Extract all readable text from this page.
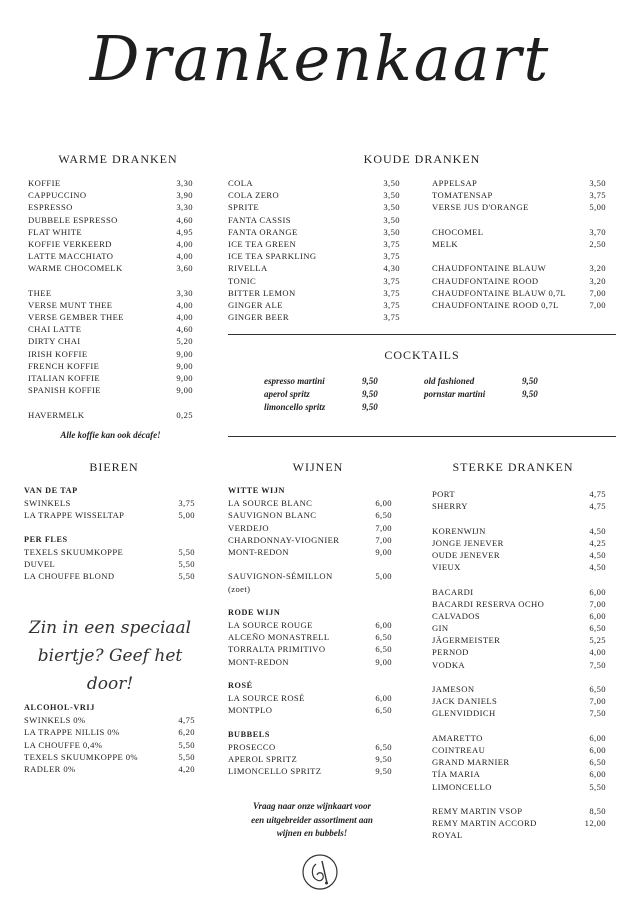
Drankenkaart
WARME DRANKEN
KOFFIE	3,30
CAPPUCCINO	3,90
ESPRESSO	3,30
DUBBELE ESPRESSO	4,60
FLAT WHITE	4,95
KOFFIE VERKEERD	4,00
LATTE MACCHIATO	4,00
WARME CHOCOMELK	3,60
THEE	3,30
VERSE MUNT THEE	4,00
VERSE GEMBER THEE	4,00
CHAI LATTE	4,60
DIRTY CHAI	5,20
IRISH KOFFIE	9,00
FRENCH KOFFIE	9,00
ITALIAN KOFFIE	9,00
SPANISH KOFFIE	9,00
HAVERMELK	0,25
Alle koffie kan ook décafe!
KOUDE DRANKEN
COLA	3,50
COLA ZERO	3,50
SPRITE	3,50
FANTA CASSIS	3,50
FANTA ORANGE	3,50
ICE TEA GREEN	3,75
ICE TEA SPARKLING	3,75
RIVELLA	4,30
TONIC	3,75
BITTER LEMON	3,75
GINGER ALE	3,75
GINGER BEER	3,75
APPELSAP	3,50
TOMATENSAP	3,75
VERSE JUS D'ORANGE	5,00
CHOCOMEL	3,70
MELK	2,50
CHAUDFONTAINE BLAUW	3,20
CHAUDFONTAINE ROOD	3,20
CHAUDFONTAINE BLAUW 0,7L	7,00
CHAUDFONTAINE ROOD 0,7L	7,00
COCKTAILS
espresso martini	9,50
aperol spritz	9,50
limoncello spritz	9,50
old fashioned	9,50
pornstar martini	9,50
BIEREN
VAN DE TAP
SWINKELS	3,75
LA TRAPPE WISSELTAP	5,00
PER FLES
TEXELS SKUUMKOPPE	5,50
DUVEL	5,50
LA CHOUFFE BLOND	5,50
Zin in een speciaal
biertje? Geef het door!
ALCOHOL-VRIJ
SWINKELS 0%	4,75
LA TRAPPE NILLIS 0%	6,20
LA CHOUFFE 0,4%	5,50
TEXELS SKUUMKOPPE 0%	5,50
RADLER 0%	4,20
WIJNEN
WITTE WIJN
LA SOURCE BLANC	6,00
SAUVIGNON BLANC	6,50
VERDEJO	7,00
CHARDONNAY-VIOGNIER	7,00
MONT-REDON	9,00
SAUVIGNON-SÉMILLON	5,00
(zoet)
RODE WIJN
LA SOURCE ROUGE	6,00
ALCEÑO MONASTRELL	6,50
TORRALTA PRIMITIVO	6,50
MONT-REDON	9,00
ROSÉ
LA SOURCE ROSÉ	6,00
MONTPLO	6,50
BUBBELS
PROSECCO	6,50
APEROL SPRITZ	9,50
LIMONCELLO SPRITZ	9,50
Vraag naar onze wijnkaart voor
een uitgebreider assortiment aan
wijnen en bubbels!
STERKE DRANKEN
PORT	4,75
SHERRY	4,75
KORENWIJN	4,50
JONGE JENEVER	4,25
OUDE JENEVER	4,50
VIEUX	4,50
BACARDI	6,00
BACARDI RESERVA OCHO	7,00
CALVADOS	6,00
GIN	6,50
JÄGERMEISTER	5,25
PERNOD	4,00
VODKA	7,50
JAMESON	6,50
JACK DANIELS	7,00
GLENVIDDICH	7,50
AMARETTO	6,00
COINTREAU	6,00
GRAND MARNIER	6,50
TÍA MARIA	6,00
LIMONCELLO	5,50
REMY MARTIN VSOP	8,50
REMY MARTIN ACCORD	12,00
ROYAL
